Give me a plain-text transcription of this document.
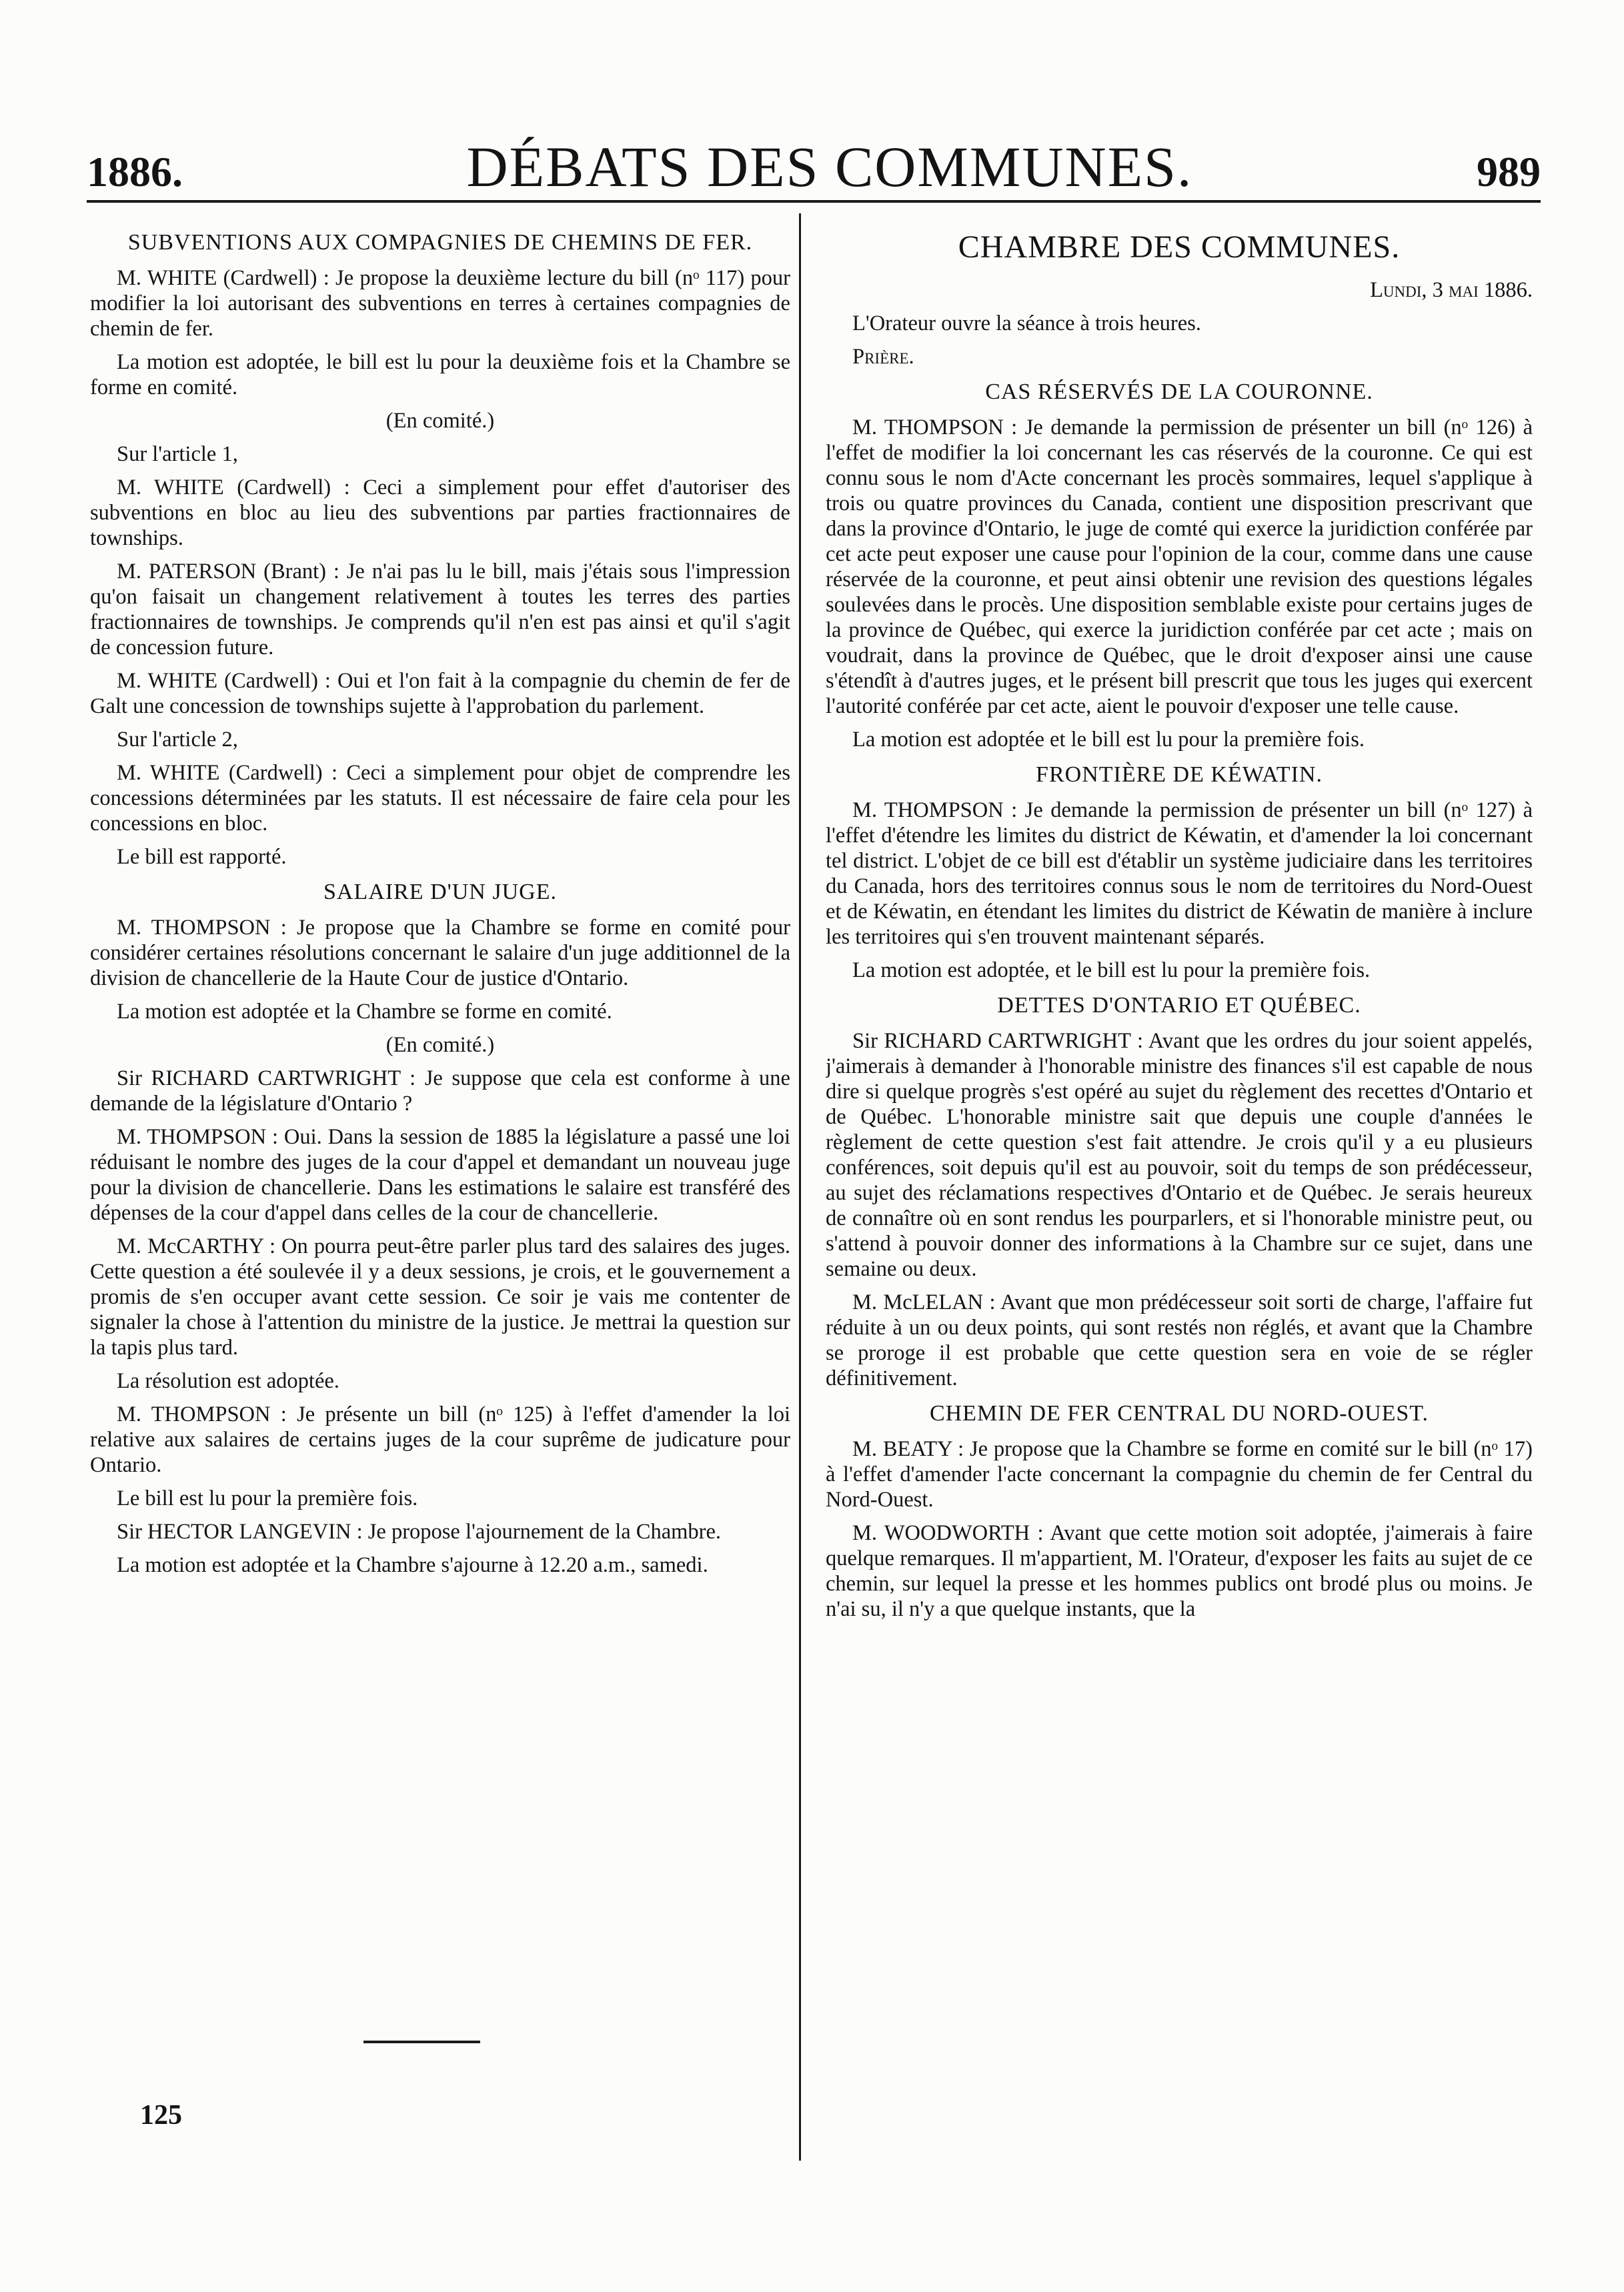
1886.	DÉBATS DES COMMUNES.	989
SUBVENTIONS AUX COMPAGNIES DE CHEMINS DE FER.

M. WHITE (Cardwell) : Je propose la deuxième lecture du bill (nᵒ 117) pour modifier la loi autorisant des subventions en terres à certaines compagnies de chemin de fer.

La motion est adoptée, le bill est lu pour la deuxième fois et la Chambre se forme en comité.

(En comité.)

Sur l'article 1,

M. WHITE (Cardwell) : Ceci a simplement pour effet d'autoriser des subventions en bloc au lieu des subventions par parties fractionnaires de townships.

M. PATERSON (Brant) : Je n'ai pas lu le bill, mais j'étais sous l'impression qu'on faisait un changement relativement à toutes les terres des parties fractionnaires de townships. Je comprends qu'il n'en est pas ainsi et qu'il s'agit de concession future.

M. WHITE (Cardwell) : Oui et l'on fait à la compagnie du chemin de fer de Galt une concession de townships sujette à l'approbation du parlement.

Sur l'article 2,

M. WHITE (Cardwell) : Ceci a simplement pour objet de comprendre les concessions déterminées par les statuts. Il est nécessaire de faire cela pour les concessions en bloc.

Le bill est rapporté.

SALAIRE D'UN JUGE.

M. THOMPSON : Je propose que la Chambre se forme en comité pour considérer certaines résolutions concernant le salaire d'un juge additionnel de la division de chancellerie de la Haute Cour de justice d'Ontario.

La motion est adoptée et la Chambre se forme en comité.

(En comité.)

Sir RICHARD CARTWRIGHT : Je suppose que cela est conforme à une demande de la législature d'Ontario ?

M. THOMPSON : Oui. Dans la session de 1885 la législature a passé une loi réduisant le nombre des juges de la cour d'appel et demandant un nouveau juge pour la division de chancellerie. Dans les estimations le salaire est transféré des dépenses de la cour d'appel dans celles de la cour de chancellerie.

M. McCARTHY : On pourra peut-être parler plus tard des salaires des juges. Cette question a été soulevée il y a deux sessions, je crois, et le gouvernement a promis de s'en occuper avant cette session. Ce soir je vais me contenter de signaler la chose à l'attention du ministre de la justice. Je mettrai la question sur la tapis plus tard.

La résolution est adoptée.

M. THOMPSON : Je présente un bill (nᵒ 125) à l'effet d'amender la loi relative aux salaires de certains juges de la cour suprême de judicature pour Ontario.

Le bill est lu pour la première fois.

Sir HECTOR LANGEVIN : Je propose l'ajournement de la Chambre.

La motion est adoptée et la Chambre s'ajourne à 12.20 a.m., samedi.

CHAMBRE DES COMMUNES.

Lundi, 3 mai 1886.

L'Orateur ouvre la séance à trois heures.

Prière.

CAS RÉSERVÉS DE LA COURONNE.

M. THOMPSON : Je demande la permission de présenter un bill (nᵒ 126) à l'effet de modifier la loi concernant les cas réservés de la couronne. Ce qui est connu sous le nom d'Acte concernant les procès sommaires, lequel s'applique à trois ou quatre provinces du Canada, contient une disposition prescrivant que dans la province d'Ontario, le juge de comté qui exerce la juridiction conférée par cet acte peut exposer une cause pour l'opinion de la cour, comme dans une cause réservée de la couronne, et peut ainsi obtenir une revision des questions légales soulevées dans le procès. Une disposition semblable existe pour certains juges de la province de Québec, qui exerce la juridiction conférée par cet acte ; mais on voudrait, dans la province de Québec, que le droit d'exposer ainsi une cause s'étendît à d'autres juges, et le présent bill prescrit que tous les juges qui exercent l'autorité conférée par cet acte, aient le pouvoir d'exposer une telle cause.

La motion est adoptée et le bill est lu pour la première fois.

FRONTIÈRE DE KÉWATIN.

M. THOMPSON : Je demande la permission de présenter un bill (nᵒ 127) à l'effet d'étendre les limites du district de Kéwatin, et d'amender la loi concernant tel district. L'objet de ce bill est d'établir un système judiciaire dans les territoires du Canada, hors des territoires connus sous le nom de territoires du Nord-Ouest et de Kéwatin, en étendant les limites du district de Kéwatin de manière à inclure les territoires qui s'en trouvent maintenant séparés.

La motion est adoptée, et le bill est lu pour la première fois.

DETTES D'ONTARIO ET QUÉBEC.

Sir RICHARD CARTWRIGHT : Avant que les ordres du jour soient appelés, j'aimerais à demander à l'honorable ministre des finances s'il est capable de nous dire si quelque progrès s'est opéré au sujet du règlement des recettes d'Ontario et de Québec. L'honorable ministre sait que depuis une couple d'années le règlement de cette question s'est fait attendre. Je crois qu'il y a eu plusieurs conférences, soit depuis qu'il est au pouvoir, soit du temps de son prédécesseur, au sujet des réclamations respectives d'Ontario et de Québec. Je serais heureux de connaître où en sont rendus les pourparlers, et si l'honorable ministre peut, ou s'attend à pouvoir donner des informations à la Chambre sur ce sujet, dans une semaine ou deux.

M. McLELAN : Avant que mon prédécesseur soit sorti de charge, l'affaire fut réduite à un ou deux points, qui sont restés non réglés, et avant que la Chambre se proroge il est probable que cette question sera en voie de se régler définitivement.

CHEMIN DE FER CENTRAL DU NORD-OUEST.

M. BEATY : Je propose que la Chambre se forme en comité sur le bill (nᵒ 17) à l'effet d'amender l'acte concernant la compagnie du chemin de fer Central du Nord-Ouest.

M. WOODWORTH : Avant que cette motion soit adoptée, j'aimerais à faire quelque remarques. Il m'appartient, M. l'Orateur, d'exposer les faits au sujet de ce chemin, sur lequel la presse et les hommes publics ont brodé plus ou moins. Je n'ai su, il n'y a que quelque instants, que la

125
